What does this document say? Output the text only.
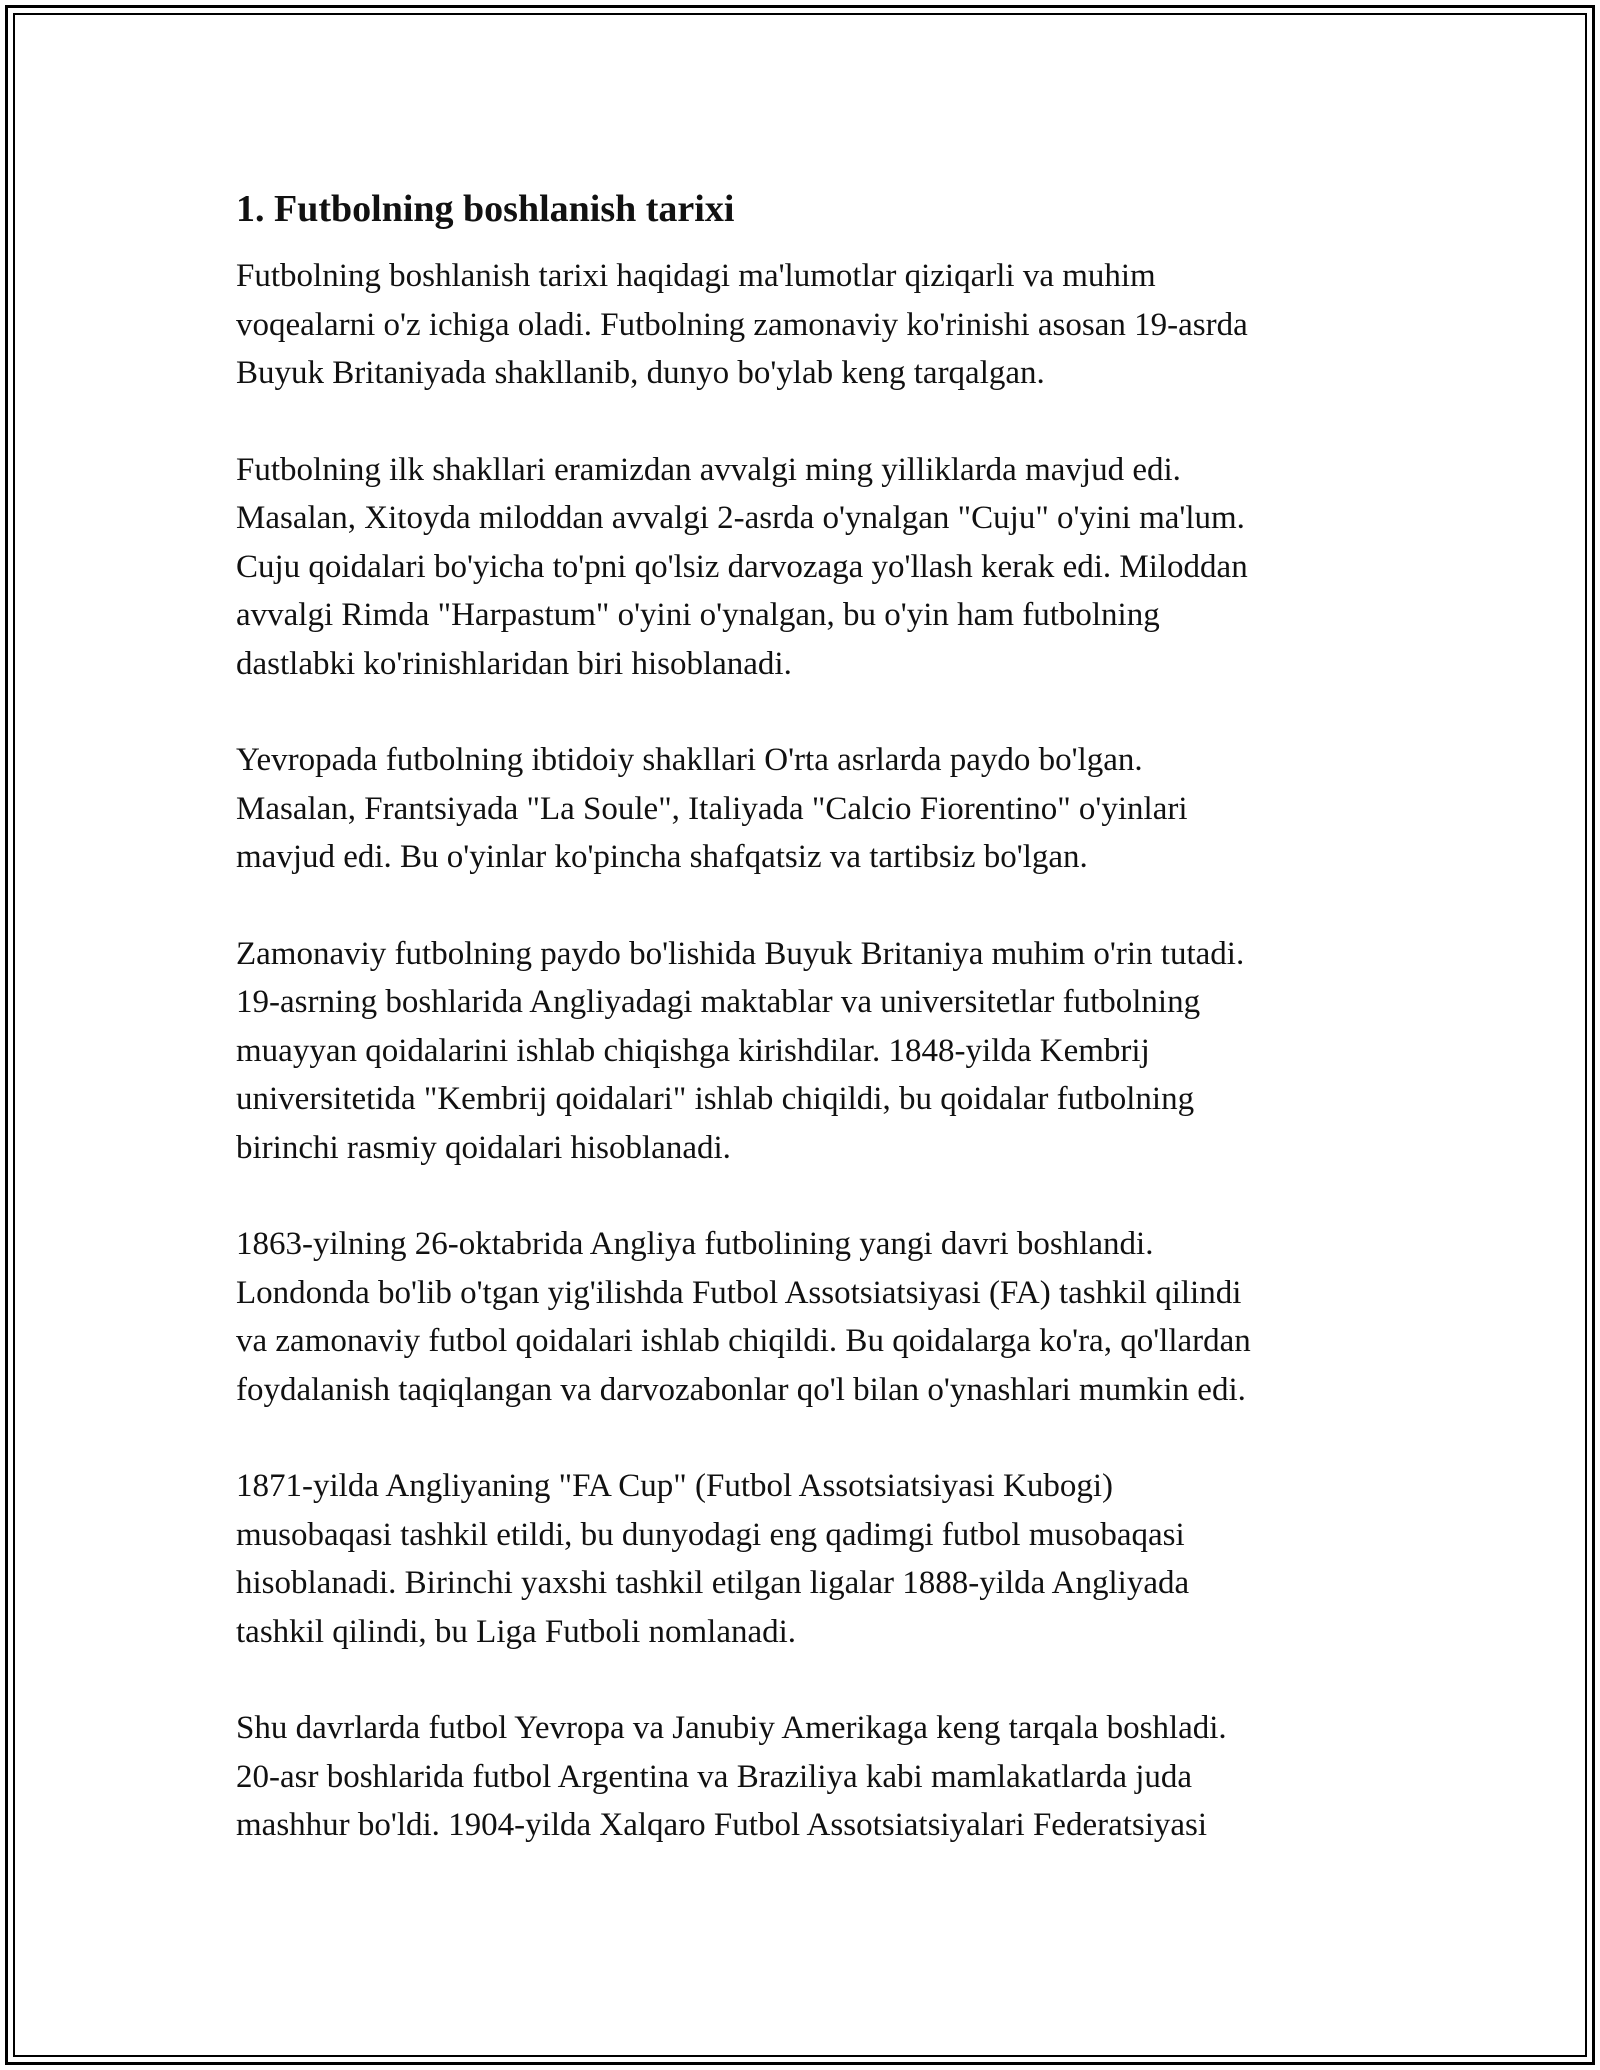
1. Futbolning boshlanish tarixi
Futbolning boshlanish tarixi haqidagi ma'lumotlar qiziqarli va muhim
voqealarni o'z ichiga oladi. Futbolning zamonaviy ko'rinishi asosan 19-asrda
Buyuk Britaniyada shakllanib, dunyo bo'ylab keng tarqalgan.
Futbolning ilk shakllari eramizdan avvalgi ming yilliklarda mavjud edi.
Masalan, Xitoyda miloddan avvalgi 2-asrda o'ynalgan "Cuju" o'yini ma'lum.
Cuju qoidalari bo'yicha to'pni qo'lsiz darvozaga yo'llash kerak edi. Miloddan
avvalgi Rimda "Harpastum" o'yini o'ynalgan, bu o'yin ham futbolning
dastlabki ko'rinishlaridan biri hisoblanadi.
Yevropada futbolning ibtidoiy shakllari O'rta asrlarda paydo bo'lgan.
Masalan, Frantsiyada "La Soule", Italiyada "Calcio Fiorentino" o'yinlari
mavjud edi. Bu o'yinlar ko'pincha shafqatsiz va tartibsiz bo'lgan.
Zamonaviy futbolning paydo bo'lishida Buyuk Britaniya muhim o'rin tutadi.
19-asrning boshlarida Angliyadagi maktablar va universitetlar futbolning
muayyan qoidalarini ishlab chiqishga kirishdilar. 1848-yilda Kembrij
universitetida "Kembrij qoidalari" ishlab chiqildi, bu qoidalar futbolning
birinchi rasmiy qoidalari hisoblanadi.
1863-yilning 26-oktabrida Angliya futbolining yangi davri boshlandi.
Londonda bo'lib o'tgan yig'ilishda Futbol Assotsiatsiyasi (FA) tashkil qilindi
va zamonaviy futbol qoidalari ishlab chiqildi. Bu qoidalarga ko'ra, qo'llardan
foydalanish taqiqlangan va darvozabonlar qo'l bilan o'ynashlari mumkin edi.
1871-yilda Angliyaning "FA Cup" (Futbol Assotsiatsiyasi Kubogi)
musobaqasi tashkil etildi, bu dunyodagi eng qadimgi futbol musobaqasi
hisoblanadi. Birinchi yaxshi tashkil etilgan ligalar 1888-yilda Angliyada
tashkil qilindi, bu Liga Futboli nomlanadi.
Shu davrlarda futbol Yevropa va Janubiy Amerikaga keng tarqala boshladi.
20-asr boshlarida futbol Argentina va Braziliya kabi mamlakatlarda juda
mashhur bo'ldi. 1904-yilda Xalqaro Futbol Assotsiatsiyalari Federatsiyasi
